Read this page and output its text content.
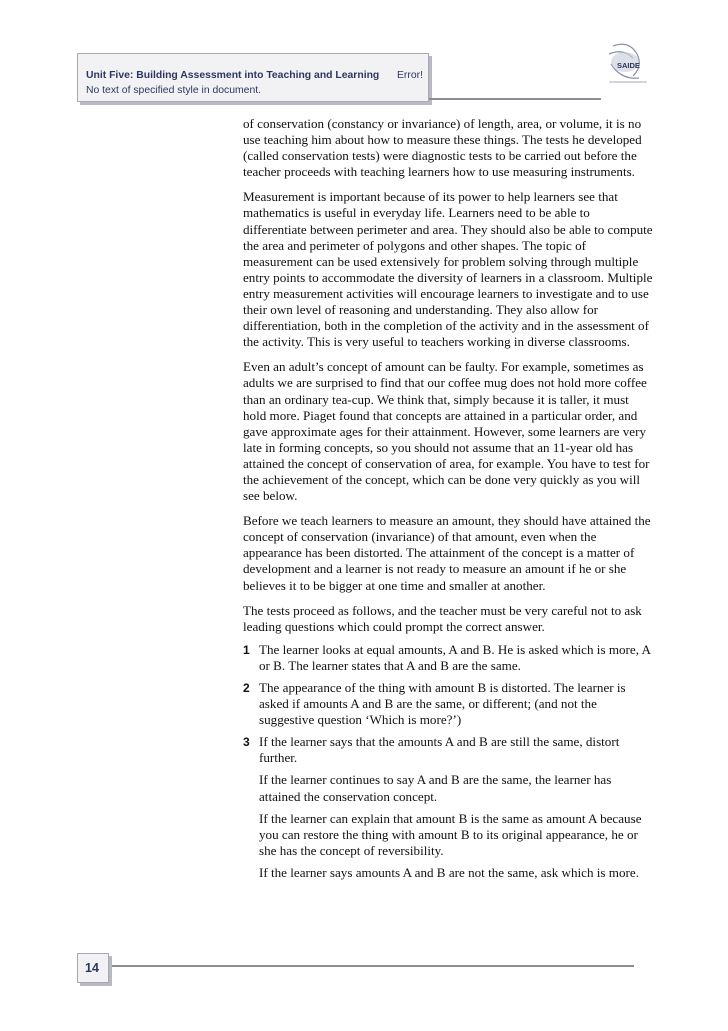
Unit Five: Building Assessment into Teaching and Learning	Error!
No text of specified style in document.
SAIDE

of conservation (constancy or invariance) of length, area, or volume, it is no use teaching him about how to measure these things. The tests he developed (called conservation tests) were diagnostic tests to be carried out before the teacher proceeds with teaching learners how to use measuring instruments.

Measurement is important because of its power to help learners see that mathematics is useful in everyday life. Learners need to be able to differentiate between perimeter and area. They should also be able to compute the area and perimeter of polygons and other shapes. The topic of measurement can be used extensively for problem solving through multiple entry points to accommodate the diversity of learners in a classroom. Multiple entry measurement activities will encourage learners to investigate and to use their own level of reasoning and understanding. They also allow for differentiation, both in the completion of the activity and in the assessment of the activity. This is very useful to teachers working in diverse classrooms.

Even an adult’s concept of amount can be faulty. For example, sometimes as adults we are surprised to find that our coffee mug does not hold more coffee than an ordinary tea-cup. We think that, simply because it is taller, it must hold more. Piaget found that concepts are attained in a particular order, and gave approximate ages for their attainment. However, some learners are very late in forming concepts, so you should not assume that an 11-year old has attained the concept of conservation of area, for example. You have to test for the achievement of the concept, which can be done very quickly as you will see below.

Before we teach learners to measure an amount, they should have attained the concept of conservation (invariance) of that amount, even when the appearance has been distorted. The attainment of the concept is a matter of development and a learner is not ready to measure an amount if he or she believes it to be bigger at one time and smaller at another.

The tests proceed as follows, and the teacher must be very careful not to ask leading questions which could prompt the correct answer.

1 The learner looks at equal amounts, A and B. He is asked which is more, A or B. The learner states that A and B are the same.
2 The appearance of the thing with amount B is distorted. The learner is asked if amounts A and B are the same, or different; (and not the suggestive question ‘Which is more?’)
3 If the learner says that the amounts A and B are still the same, distort further.
If the learner continues to say A and B are the same, the learner has attained the conservation concept.
If the learner can explain that amount B is the same as amount A because you can restore the thing with amount B to its original appearance, he or she has the concept of reversibility.
If the learner says amounts A and B are not the same, ask which is more.
14
